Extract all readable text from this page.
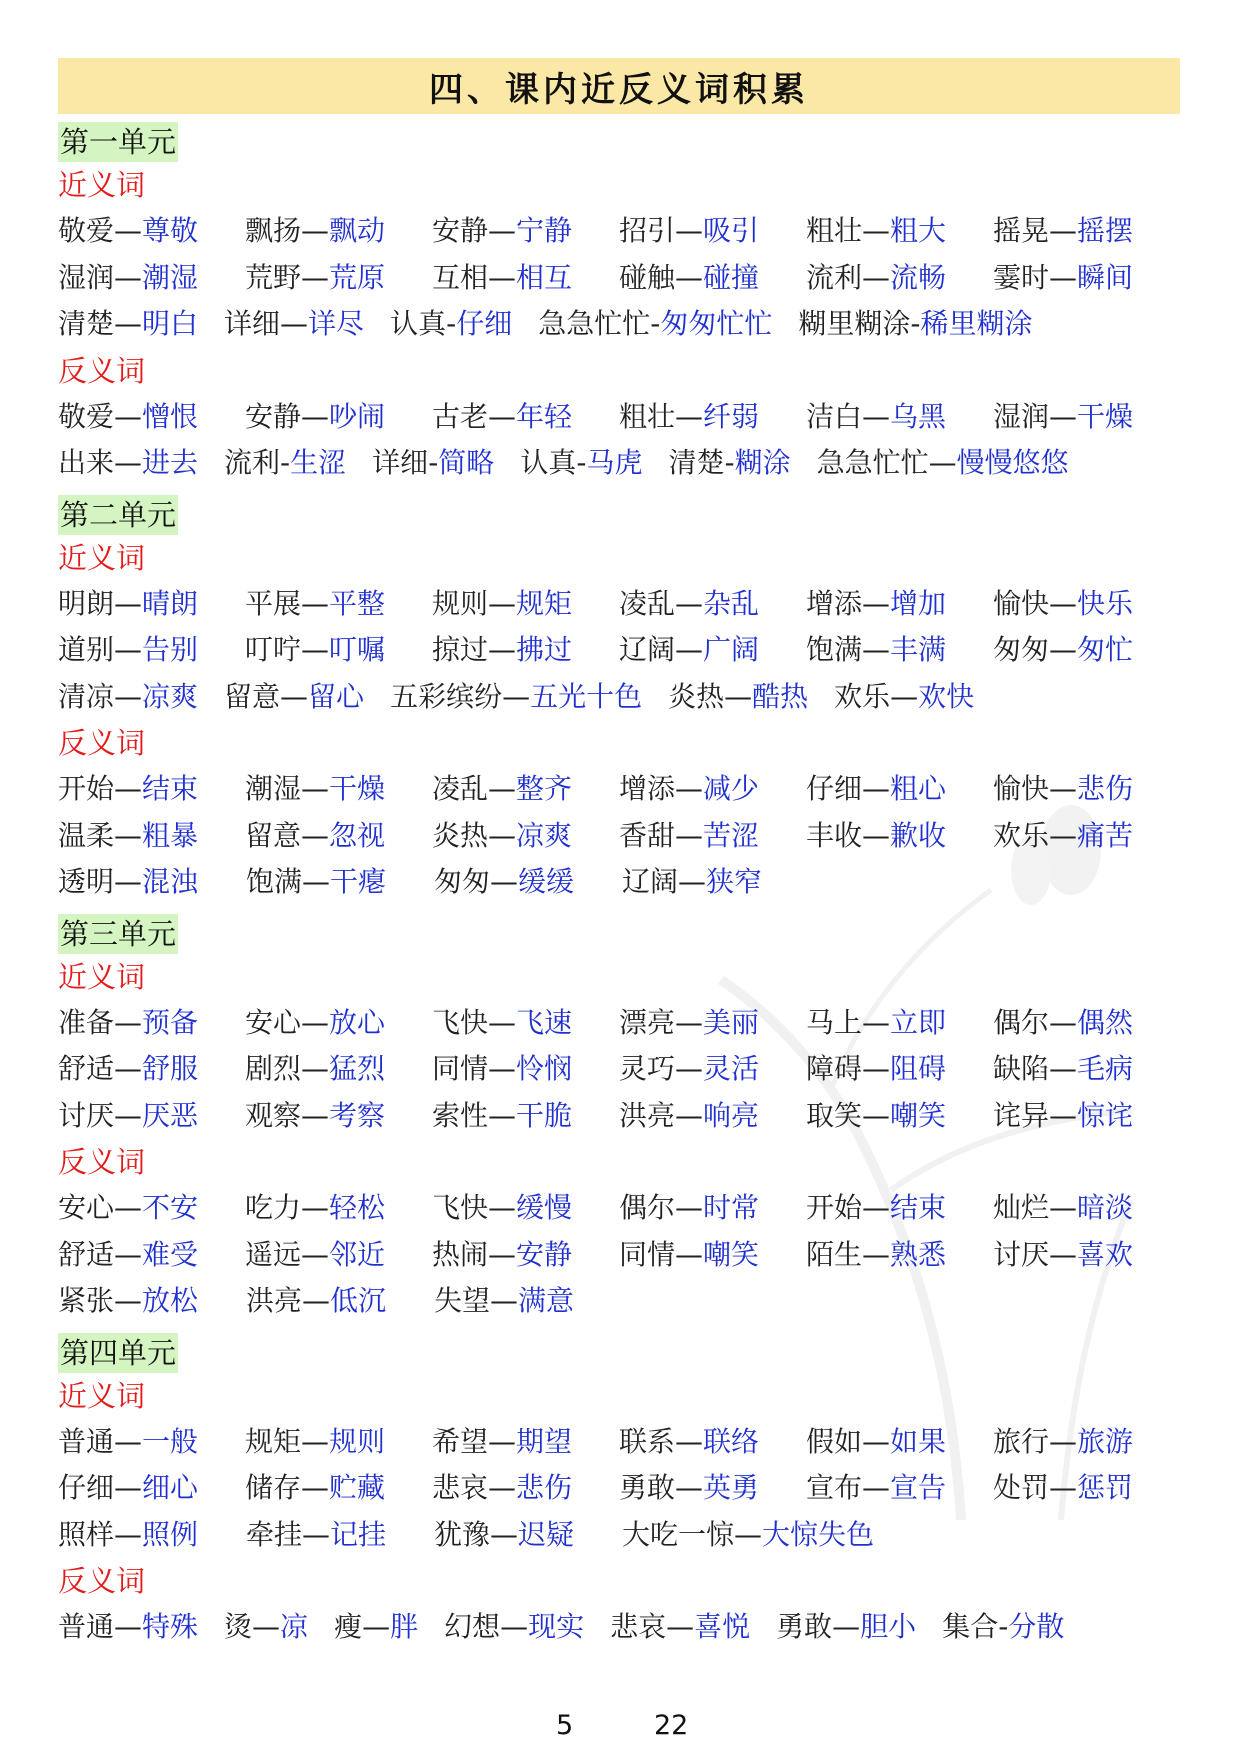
四、课内近反义词积累
第一单元
近义词
敬爱—尊敬	飘扬—飘动	安静—宁静	招引—吸引	粗壮—粗大	摇晃—摇摆
湿润—潮湿	荒野—荒原	互相—相互	碰触—碰撞	流利—流畅	霎时—瞬间
清楚—明白 详细—详尽 认真-仔细 急急忙忙-匆匆忙忙 糊里糊涂-稀里糊涂
反义词
敬爱—憎恨	安静—吵闹	古老—年轻	粗壮—纤弱	洁白—乌黑	湿润—干燥
出来—进去 流利-生涩 详细-简略 认真-马虎 清楚-糊涂 急急忙忙—慢慢悠悠
第二单元
近义词
明朗—晴朗	平展—平整	规则—规矩	凌乱—杂乱	增添—增加	愉快—快乐
道别—告别	叮咛—叮嘱	掠过—拂过	辽阔—广阔	饱满—丰满	匆匆—匆忙
清凉—凉爽 留意—留心 五彩缤纷—五光十色 炎热—酷热 欢乐—欢快
反义词
开始—结束	潮湿—干燥	凌乱—整齐	增添—减少	仔细—粗心	愉快—悲伤
温柔—粗暴	留意—忽视	炎热—凉爽	香甜—苦涩	丰收—歉收	欢乐—痛苦
透明—混浊	饱满—干瘪	匆匆—缓缓	辽阔—狭窄
第三单元
近义词
准备—预备	安心—放心	飞快—飞速	漂亮—美丽	马上—立即	偶尔—偶然
舒适—舒服	剧烈—猛烈	同情—怜悯	灵巧—灵活	障碍—阻碍	缺陷—毛病
讨厌—厌恶	观察—考察	索性—干脆	洪亮—响亮	取笑—嘲笑	诧异—惊诧
反义词
安心—不安	吃力—轻松	飞快—缓慢	偶尔—时常	开始—结束	灿烂—暗淡
舒适—难受	遥远—邻近	热闹—安静	同情—嘲笑	陌生—熟悉	讨厌—喜欢
紧张—放松	洪亮—低沉	失望—满意
第四单元
近义词
普通—一般	规矩—规则	希望—期望	联系—联络	假如—如果	旅行—旅游
仔细—细心	储存—贮藏	悲哀—悲伤	勇敢—英勇	宣布—宣告	处罚—惩罚
照样—照例	牵挂—记挂	犹豫—迟疑	大吃一惊—大惊失色
反义词
普通—特殊 烫—凉 瘦—胖 幻想—现实 悲哀—喜悦 勇敢—胆小 集合-分散
5	22
